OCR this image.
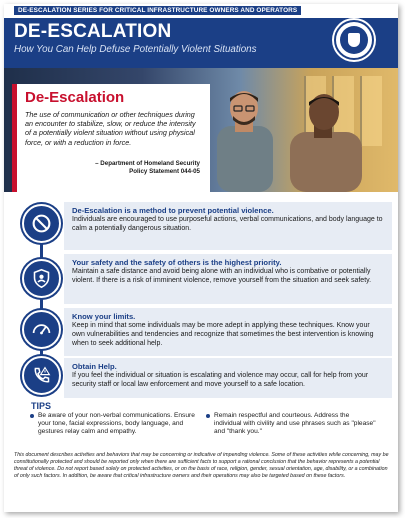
DE-ESCALATION SERIES FOR CRITICAL INFRASTRUCTURE OWNERS AND OPERATORS
DE-ESCALATION
How You Can Help Defuse Potentially Violent Situations
De-Escalation
The use of communication or other techniques during an encounter to stabilize, slow, or reduce the intensity of a potentially violent situation without using physical force, or with a reduction in force.
– Department of Homeland Security
Policy Statement 044-05
De-Escalation is a method to prevent potential violence.
Individuals are encouraged to use purposeful actions, verbal communications, and body language to calm a potentially dangerous situation.
Your safety and the safety of others is the highest priority.
Maintain a safe distance and avoid being alone with an individual who is combative or potentially violent. If there is a risk of imminent violence, remove yourself from the situation and seek safety.
Know your limits.
Keep in mind that some individuals may be more adept in applying these techniques. Know your own vulnerabilities and tendencies and recognize that sometimes the best intervention is knowing when to seek additional help.
Obtain Help.
If you feel the individual or situation is escalating and violence may occur, call for help from your security staff or local law enforcement and move yourself to a safe location.
TIPS
Be aware of your non-verbal communications. Ensure your tone, facial expressions, body language, and gestures relay calm and empathy.
Remain respectful and courteous. Address the individual with civility and use phrases such as "please" and "thank you."
This document describes activities and behaviors that may be concerning or indicative of impending violence. Some of these activities while concerning, may be constitutionally protected and should be reported only when there are sufficient facts to support a rational conclusion that the behavior represents a potential threat of violence. Do not report based solely on protected activities, or on the basis of race, religion, gender, sexual orientation, age, disability, or a combination of only such factors. In addition, be aware that critical infrastructure owners and their operations may also be targeted based on these factors.
